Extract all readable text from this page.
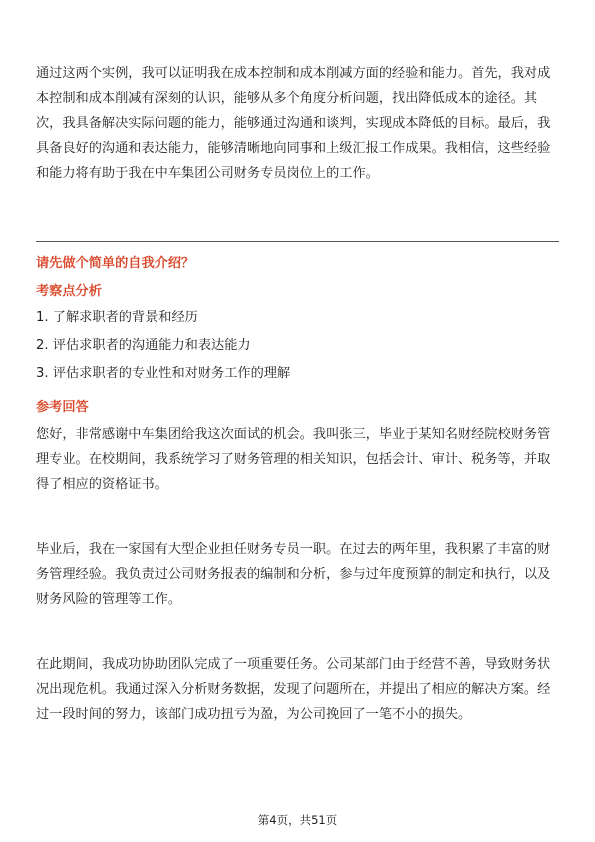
通过这两个实例，我可以证明我在成本控制和成本削减方面的经验和能力。首先，我对成本控制和成本削减有深刻的认识，能够从多个角度分析问题，找出降低成本的途径。其次，我具备解决实际问题的能力，能够通过沟通和谈判，实现成本降低的目标。最后，我具备良好的沟通和表达能力，能够清晰地向同事和上级汇报工作成果。我相信，这些经验和能力将有助于我在中车集团公司财务专员岗位上的工作。

请先做个简单的自我介绍？

考察点分析

1. 了解求职者的背景和经历

2. 评估求职者的沟通能力和表达能力

3. 评估求职者的专业性和对财务工作的理解

参考回答

您好，非常感谢中车集团给我这次面试的机会。我叫张三，毕业于某知名财经院校财务管理专业。在校期间，我系统学习了财务管理的相关知识，包括会计、审计、税务等，并取得了相应的资格证书。

毕业后，我在一家国有大型企业担任财务专员一职。在过去的两年里，我积累了丰富的财务管理经验。我负责过公司财务报表的编制和分析，参与过年度预算的制定和执行，以及财务风险的管理等工作。

在此期间，我成功协助团队完成了一项重要任务。公司某部门由于经营不善，导致财务状况出现危机。我通过深入分析财务数据，发现了问题所在，并提出了相应的解决方案。经过一段时间的努力，该部门成功扭亏为盈，为公司挽回了一笔不小的损失。

第4页，共51页
